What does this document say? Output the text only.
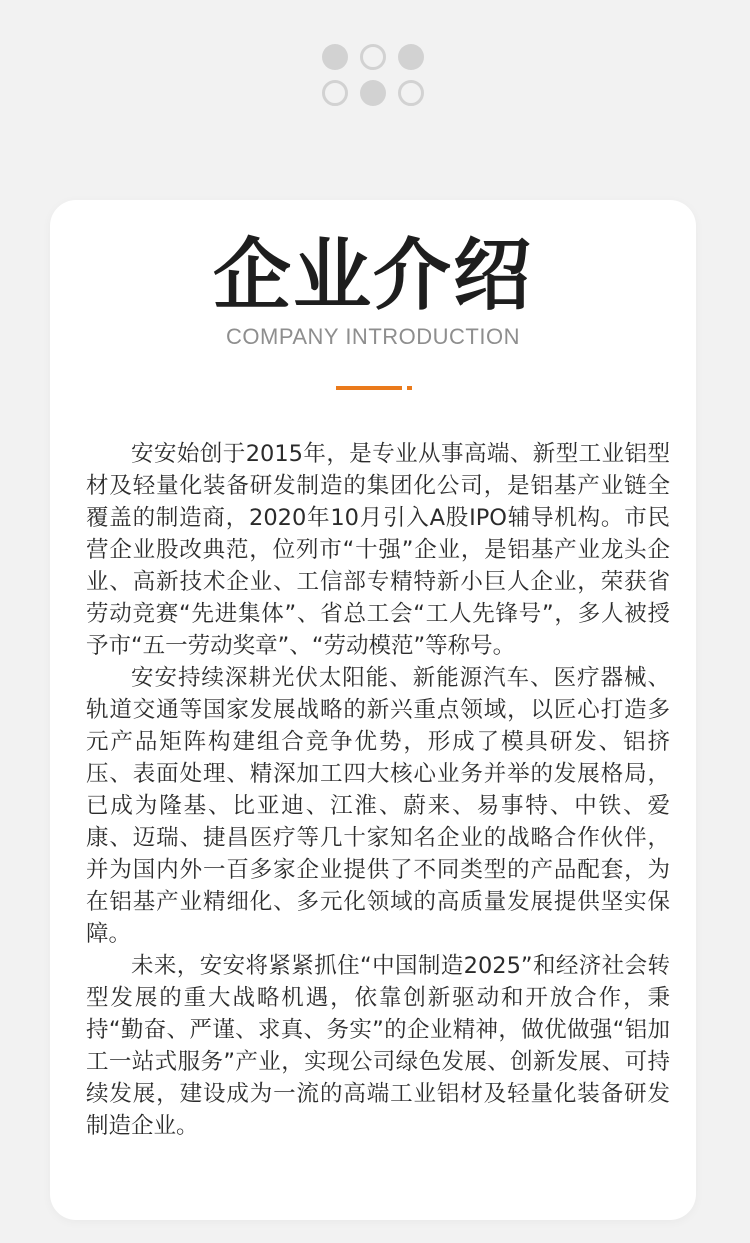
企业介绍
COMPANY INTRODUCTION

安安始创于2015年，是专业从事高端、新型工业铝型材及轻量化装备研发制造的集团化公司，是铝基产业链全覆盖的制造商，2020年10月引入A股IPO辅导机构。市民营企业股改典范，位列市“十强”企业，是铝基产业龙头企业、高新技术企业、工信部专精特新小巨人企业，荣获省劳动竞赛“先进集体”、省总工会“工人先锋号”，多人被授予市“五一劳动奖章”、“劳动模范”等称号。

安安持续深耕光伏太阳能、新能源汽车、医疗器械、轨道交通等国家发展战略的新兴重点领域，以匠心打造多元产品矩阵构建组合竞争优势，形成了模具研发、铝挤压、表面处理、精深加工四大核心业务并举的发展格局，已成为隆基、比亚迪、江淮、蔚来、易事特、中铁、爱康、迈瑞、捷昌医疗等几十家知名企业的战略合作伙伴，并为国内外一百多家企业提供了不同类型的产品配套，为在铝基产业精细化、多元化领域的高质量发展提供坚实保障。

未来，安安将紧紧抓住“中国制造2025”和经济社会转型发展的重大战略机遇，依靠创新驱动和开放合作，秉持“勤奋、严谨、求真、务实”的企业精神，做优做强“铝加工一站式服务”产业，实现公司绿色发展、创新发展、可持续发展，建设成为一流的高端工业铝材及轻量化装备研发制造企业。
